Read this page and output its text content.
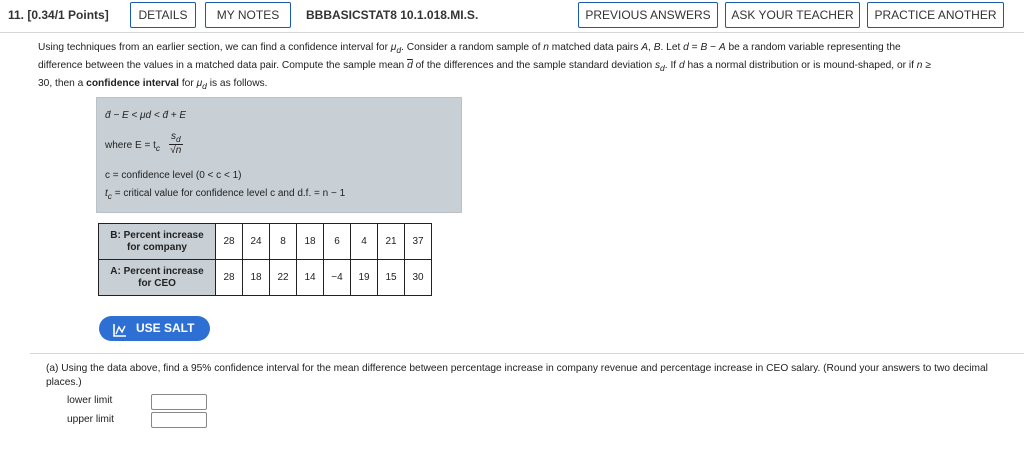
11. [0.34/1 Points]	DETAILS	MY NOTES	BBBASICSTAT8 10.1.018.MI.S.	PREVIOUS ANSWERS	ASK YOUR TEACHER	PRACTICE ANOTHER
Using techniques from an earlier section, we can find a confidence interval for $\mu_d$. Consider a random sample of n matched data pairs A, B. Let d = B − A be a random variable representing the
difference between the values in a matched data pair. Compute the sample mean $\overline{d}$ of the differences and the sample standard deviation $s_d$. If d has a normal distribution or is mound-shaped, or if n ≥
30, then a confidence interval for $\mu_d$ is as follows.
d̄ − E < μd < d̄ + E
where $E = t_c \frac{s_d}{√n}$
c = confidence level (0 < c < 1)
$t_c$ = critical value for confidence level c and d.f. = n − 1
B: Percent increase
for company	28	24	8	18	6	4	21	37
A: Percent increase
for CEO	28	18	22	14	−4	19	15	30
USE SALT
(a) Using the data above, find a 95% confidence interval for the mean difference between percentage increase in company revenue and percentage increase in CEO salary. (Round your answers to two decimal places.)
lower limit
upper limit
